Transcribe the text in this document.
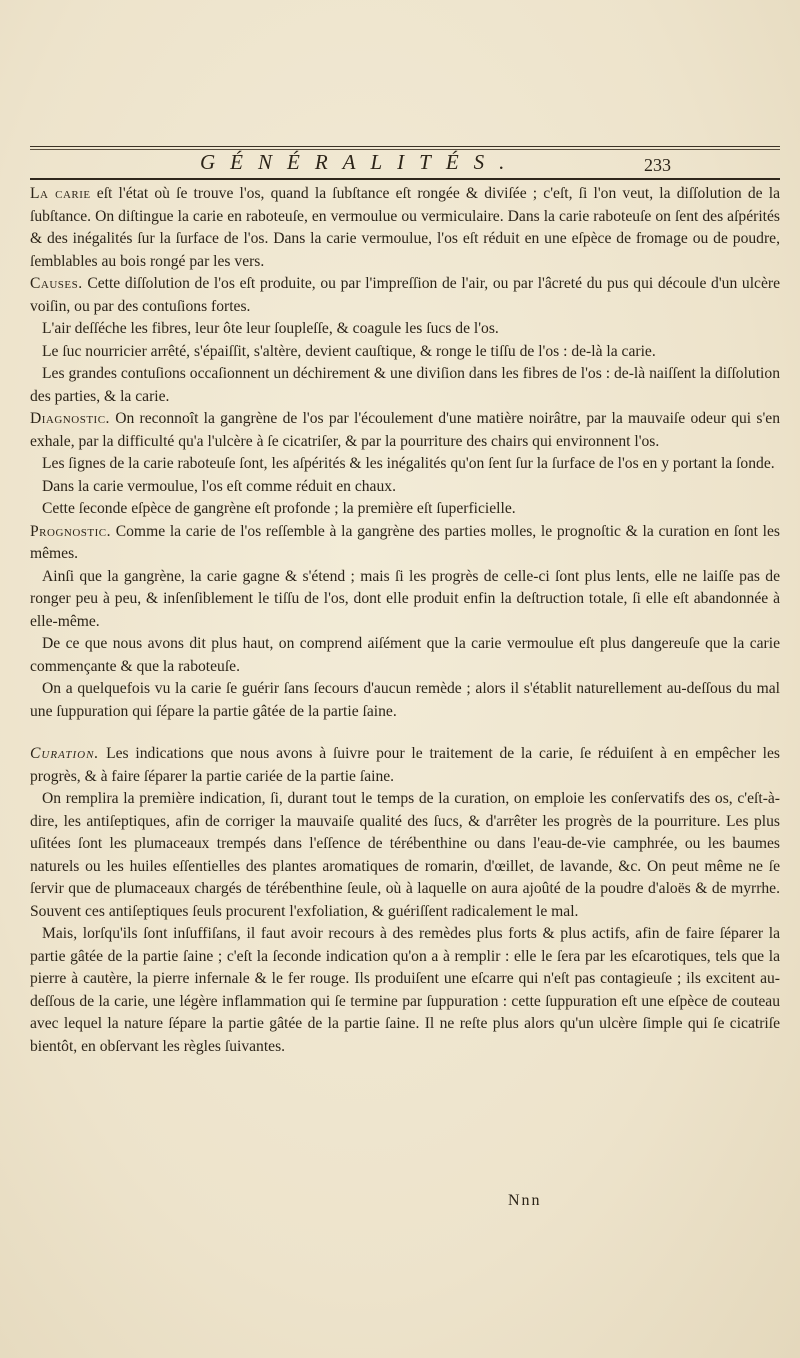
GÉNÉRALITÉS.	233

La carie eſt l'état où ſe trouve l'os, quand la ſubſtance eſt rongée & diviſée ; c'eſt, ſi l'on veut, la diſſolution de la ſubſtance. On diſtingue la carie en raboteuſe, en vermoulue ou vermiculaire. Dans la carie raboteuſe on ſent des aſpérités & des inégalités ſur la ſurface de l'os. Dans la carie vermoulue, l'os eſt réduit en une eſpèce de fromage ou de poudre, ſemblables au bois rongé par les vers.

Causes. Cette diſſolution de l'os eſt produite, ou par l'impreſſion de l'air, ou par l'âcreté du pus qui découle d'un ulcère voiſin, ou par des contuſions fortes.

L'air deſſéche les fibres, leur ôte leur ſoupleſſe, & coagule les ſucs de l'os.

Le ſuc nourricier arrêté, s'épaiſſit, s'altère, devient cauſtique, & ronge le tiſſu de l'os : de-là la carie.

Les grandes contuſions occaſionnent un déchirement & une diviſion dans les fibres de l'os : de-là naiſſent la diſſolution des parties, & la carie.

Diagnostic. On reconnoît la gangrène de l'os par l'écoulement d'une matière noirâtre, par la mauvaiſe odeur qui s'en exhale, par la difficulté qu'a l'ulcère à ſe cicatriſer, & par la pourriture des chairs qui environnent l'os.

Les ſignes de la carie raboteuſe ſont, les aſpérités & les inégalités qu'on ſent ſur la ſurface de l'os en y portant la ſonde.

Dans la carie vermoulue, l'os eſt comme réduit en chaux.

Cette ſeconde eſpèce de gangrène eſt profonde ; la première eſt ſuperficielle.

Prognostic. Comme la carie de l'os reſſemble à la gangrène des parties molles, le prognoſtic & la curation en ſont les mêmes.

Ainſi que la gangrène, la carie gagne & s'étend ; mais ſi les progrès de celle-ci ſont plus lents, elle ne laiſſe pas de ronger peu à peu, & inſenſiblement le tiſſu de l'os, dont elle produit enfin la deſtruction totale, ſi elle eſt abandonnée à elle-même.

De ce que nous avons dit plus haut, on comprend aiſément que la carie vermoulue eſt plus dangereuſe que la carie commençante & que la raboteuſe.

On a quelquefois vu la carie ſe guérir ſans ſecours d'aucun remède ; alors il s'établit naturellement au-deſſous du mal une ſuppuration qui ſépare la partie gâtée de la partie ſaine.

Curation. Les indications que nous avons à ſuivre pour le traitement de la carie, ſe réduiſent à en empêcher les progrès, & à faire ſéparer la partie cariée de la partie ſaine.

On remplira la première indication, ſi, durant tout le temps de la curation, on emploie les conſervatifs des os, c'eſt-à-dire, les antiſeptiques, afin de corriger la mauvaiſe qualité des ſucs, & d'arrêter les progrès de la pourriture. Les plus uſitées ſont les plumaceaux trempés dans l'eſſence de térébenthine ou dans l'eau-de-vie camphrée, ou les baumes naturels ou les huiles eſſentielles des plantes aromatiques de romarin, d'œillet, de lavande, &c. On peut même ne ſe ſervir que de plumaceaux chargés de térébenthine ſeule, où à laquelle on aura ajoûté de la poudre d'aloës & de myrrhe. Souvent ces antiſeptiques ſeuls procurent l'exfoliation, & guériſſent radicalement le mal.

Mais, lorſqu'ils ſont inſuffiſans, il faut avoir recours à des remèdes plus forts & plus actifs, afin de faire ſéparer la partie gâtée de la partie ſaine ; c'eſt la ſeconde indication qu'on a à remplir : elle le ſera par les eſcarotiques, tels que la pierre à cautère, la pierre infernale & le fer rouge. Ils produiſent une eſcarre qui n'eſt pas contagieuſe ; ils excitent au-deſſous de la carie, une légère inflammation qui ſe termine par ſuppuration : cette ſuppuration eſt une eſpèce de couteau avec lequel la nature ſépare la partie gâtée de la partie ſaine. Il ne reſte plus alors qu'un ulcère ſimple qui ſe cicatriſe bientôt, en obſervant les règles ſuivantes.

Nnn
